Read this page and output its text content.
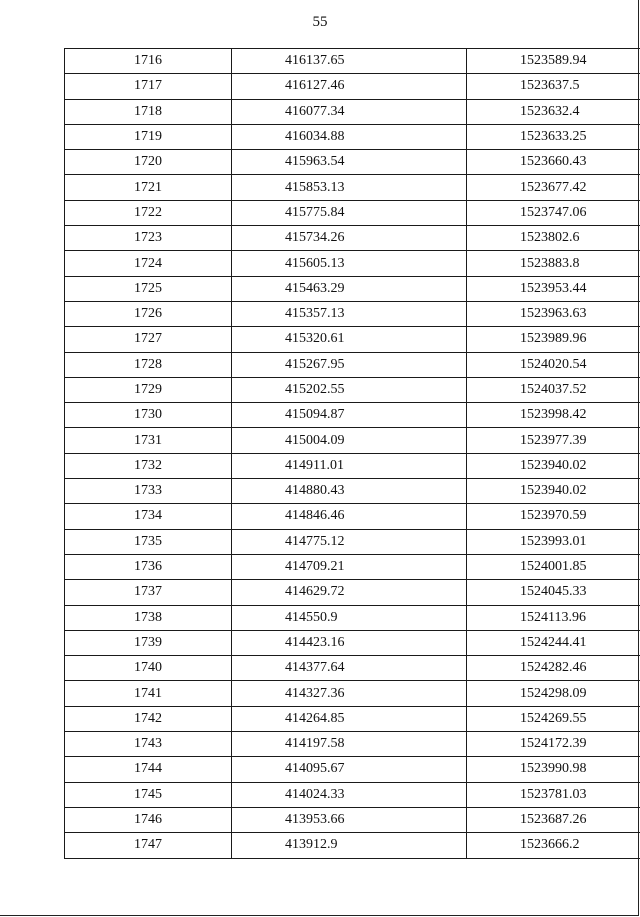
55
1716	416137.65	1523589.94
1717	416127.46	1523637.5
1718	416077.34	1523632.4
1719	416034.88	1523633.25
1720	415963.54	1523660.43
1721	415853.13	1523677.42
1722	415775.84	1523747.06
1723	415734.26	1523802.6
1724	415605.13	1523883.8
1725	415463.29	1523953.44
1726	415357.13	1523963.63
1727	415320.61	1523989.96
1728	415267.95	1524020.54
1729	415202.55	1524037.52
1730	415094.87	1523998.42
1731	415004.09	1523977.39
1732	414911.01	1523940.02
1733	414880.43	1523940.02
1734	414846.46	1523970.59
1735	414775.12	1523993.01
1736	414709.21	1524001.85
1737	414629.72	1524045.33
1738	414550.9	1524113.96
1739	414423.16	1524244.41
1740	414377.64	1524282.46
1741	414327.36	1524298.09
1742	414264.85	1524269.55
1743	414197.58	1524172.39
1744	414095.67	1523990.98
1745	414024.33	1523781.03
1746	413953.66	1523687.26
1747	413912.9	1523666.2
